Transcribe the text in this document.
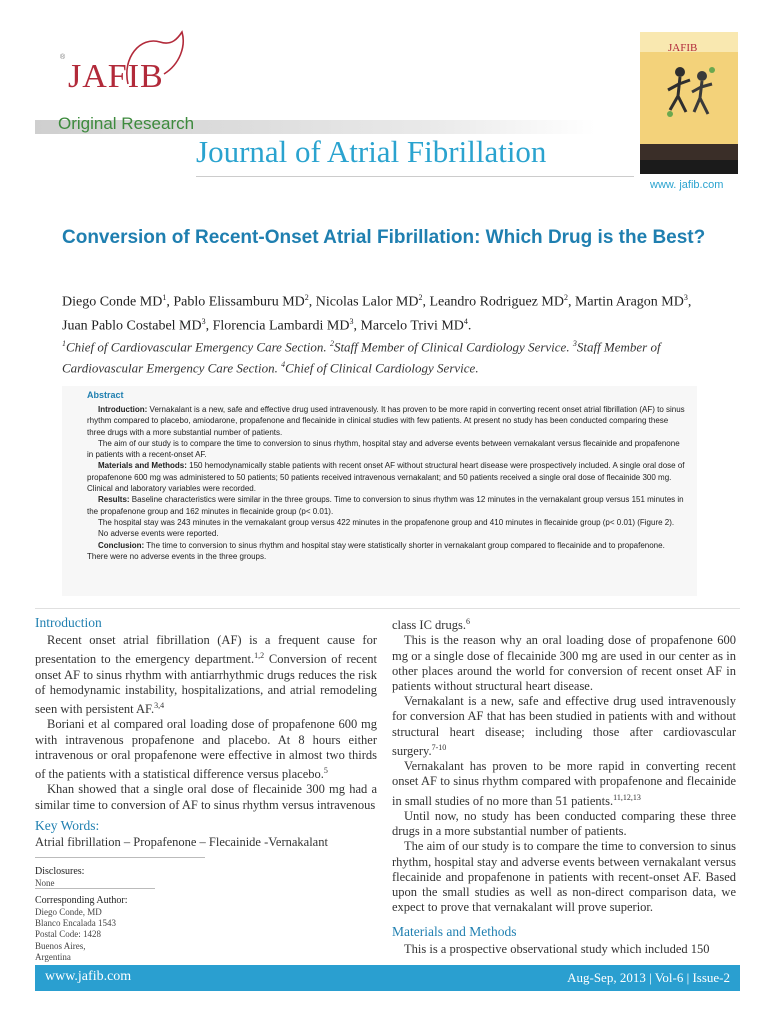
®
JAFIB
Original Research
Journal of Atrial Fibrillation
JAFIB
www. jafib.com
Conversion of Recent-Onset Atrial Fibrillation: Which Drug is the Best?
Diego Conde $MD^1$, Pablo Elissamburu $MD^2$, Nicolas Lalor $MD^2$, Leandro Rodriguez $MD^2$, Martin Aragon $MD^3$, Juan Pablo Costabel $MD^3$, Florencia Lambardi $MD^3$, Marcelo Trivi $MD^4$.
$^1$Chief of Cardiovascular Emergency Care Section. $^2$Staff Member of Clinical Cardiology Service. $^3$Staff Member of Cardiovascular Emergency Care Section. $^4$Chief of Clinical Cardiology Service.
Abstract

Introduction: Vernakalant is a new, safe and effective drug used intravenously. It has proven to be more rapid in converting recent onset atrial fibrillation (AF) to sinus rhythm compared to placebo, amiodarone, propafenone and flecainide in clinical studies with few patients. At present no study has been conducted comparing these three drugs with a more substantial number of patients.

The aim of our study is to compare the time to conversion to sinus rhythm, hospital stay and adverse events between vernakalant versus flecainide and propafenone in patients with a recent-onset AF.

Materials and Methods: 150 hemodynamically stable patients with recent onset AF without structural heart disease were prospectively included. A single oral dose of propafenone 600 mg was administered to 50 patients; 50 patients received intravenous vernakalant; and 50 patients received a single oral dose of flecainide 300 mg. Clinical and laboratory variables were recorded.

Results: Baseline characteristics were similar in the three groups. Time to conversion to sinus rhythm was 12 minutes in the vernakalant group versus 151 minutes in the propafenone group and 162 minutes in flecainide group (p< 0.01).

The hospital stay was 243 minutes in the vernakalant group versus 422 minutes in the propafenone group and 410 minutes in flecainide group (p< 0.01) (Figure 2).

No adverse events were reported.

Conclusion: The time to conversion to sinus rhythm and hospital stay were statistically shorter in vernakalant group compared to flecainide and to propafenone. There were no adverse events in the three groups.

Introduction

Recent onset atrial fibrillation (AF) is a frequent cause for presentation to the emergency department.$^{1,2}$ Conversion of recent onset AF to sinus rhythm with antiarrhythmic drugs reduces the risk of hemodynamic instability, hospitalizations, and atrial remodeling seen with persistent AF.$^{3,4}$

Boriani et al compared oral loading dose of propafenone 600 mg with intravenous propafenone and placebo. At 8 hours either intravenous or oral propafenone were effective in almost two thirds of the patients with a statistical difference versus placebo.$^5$

Khan showed that a single oral dose of flecainide 300 mg had a similar time to conversion of AF to sinus rhythm versus intravenous

Key Words:
Atrial fibrillation – Propafenone – Flecainide -Vernakalant
Disclosures:
None
Corresponding Author:
Diego Conde, MD
Blanco Encalada 1543
Postal Code: 1428
Buenos Aires,
Argentina

class IC drugs.$^6$

This is the reason why an oral loading dose of propafenone 600 mg or a single dose of flecainide 300 mg are used in our center as in other places around the world for conversion of recent onset AF in patients without structural heart disease.

Vernakalant is a new, safe and effective drug used intravenously for conversion AF that has been studied in patients with and without structural heart disease; including those after cardiovascular surgery.$^{7-10}$

Vernakalant has proven to be more rapid in converting recent onset AF to sinus rhythm compared with propafenone and flecainide in small studies of no more than 51 patients.$^{11,12,13}$

Until now, no study has been conducted comparing these three drugs in a more substantial number of patients.

The aim of our study is to compare the time to conversion to sinus rhythm, hospital stay and adverse events between vernakalant versus flecainide and propafenone in patients with recent-onset AF. Based upon the small studies as well as non-direct comparison data, we expect to prove that vernakalant will prove superior.

Materials and Methods

This is a prospective observational study which included 150

www.jafib.com	Aug-Sep, 2013 | Vol-6 | Issue-2
